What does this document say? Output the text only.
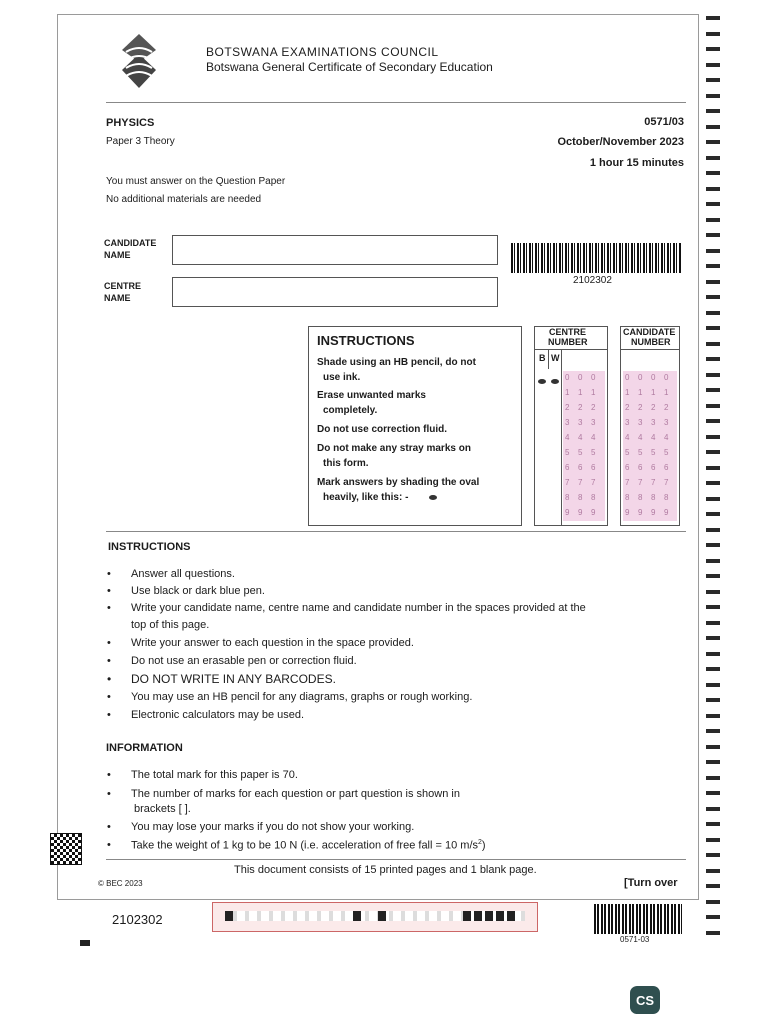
BOTSWANA EXAMINATIONS COUNCIL
Botswana General Certificate of Secondary Education
PHYSICS
Paper 3 Theory
0571/03
October/November 2023
1 hour 15 minutes
You must answer on the Question Paper
No additional materials are needed
CANDIDATE
NAME
CENTRE
NAME
2102302
INSTRUCTIONS
Shade using an HB pencil, do not
use ink.
Erase unwanted marks
completely.
Do not use correction fluid.
Do not make any stray marks on
this form.
Mark answers by shading the oval
heavily, like this: -
CENTRE
NUMBER
B W
0
1
2
3
4
5
6
7
8
9
0
1
2
3
4
5
6
7
8
9
0
1
2
3
4
5
6
7
8
9
CANDIDATE
NUMBER
0
1
2
3
4
5
6
7
8
9
0
1
2
3
4
5
6
7
8
9
0
1
2
3
4
5
6
7
8
9
0
1
2
3
4
5
6
7
8
9
INSTRUCTIONS
• Answer all questions.
• Use black or dark blue pen.
• Write your candidate name, centre name and candidate number in the spaces provided at the
top of this page.
• Write your answer to each question in the space provided.
• Do not use an erasable pen or correction fluid.
• DO NOT WRITE IN ANY BARCODES.
• You may use an HB pencil for any diagrams, graphs or rough working.
• Electronic calculators may be used.
INFORMATION
• The total mark for this paper is 70.
• The number of marks for each question or part question is shown in
brackets [ ].
• You may lose your marks if you do not show your working.
• Take the weight of 1 kg to be 10 N (i.e. acceleration of free fall = 10 $m/s^2$)
This document consists of 15 printed pages and 1 blank page.
© BEC 2023	[Turn over
2102302
0571-03
CS
